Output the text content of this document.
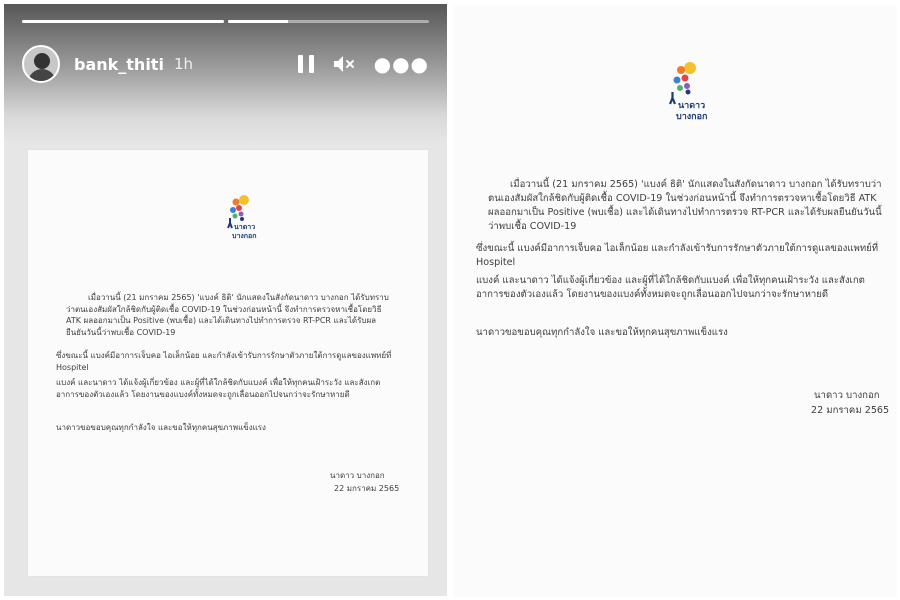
bank_thiti 1h	●●●
นาดาว
บางกอก
เมื่อวานนี้ (21 มกราคม 2565) 'แบงค์ ธิติ' นักแสดงในสังกัดนาดาว บางกอก ได้รับทราบว่าตนเองสัมผัสใกล้ชิดกับผู้ติดเชื้อ COVID-19 ในช่วงก่อนหน้านี้ จึงทำการตรวจหาเชื้อโดยวิธี ATK ผลออกมาเป็น Positive (พบเชื้อ) และได้เดินทางไปทำการตรวจ RT-PCR และได้รับผลยืนยันวันนี้ว่าพบเชื้อ COVID-19
ซึ่งขณะนี้ แบงค์มีอาการเจ็บคอ ไอเล็กน้อย และกำลังเข้ารับการรักษาตัวภายใต้การดูแลของแพทย์ที่ Hospitel
แบงค์ และนาดาว ได้แจ้งผู้เกี่ยวข้อง และผู้ที่ได้ใกล้ชิดกับแบงค์ เพื่อให้ทุกคนเฝ้าระวัง และสังเกตอาการของตัวเองแล้ว โดยงานของแบงค์ทั้งหมดจะถูกเลื่อนออกไปจนกว่าจะรักษาหายดี
นาดาวขอขอบคุณทุกกำลังใจ และขอให้ทุกคนสุขภาพแข็งแรง
นาดาว บางกอก
22 มกราคม 2565
นาดาว
บางกอก
เมื่อวานนี้ (21 มกราคม 2565) 'แบงค์ ธิติ' นักแสดงในสังกัดนาดาว บางกอก ได้รับทราบว่าตนเองสัมผัสใกล้ชิดกับผู้ติดเชื้อ COVID-19 ในช่วงก่อนหน้านี้ จึงทำการตรวจหาเชื้อโดยวิธี ATK ผลออกมาเป็น Positive (พบเชื้อ) และได้เดินทางไปทำการตรวจ RT-PCR และได้รับผลยืนยันวันนี้ว่าพบเชื้อ COVID-19
ซึ่งขณะนี้ แบงค์มีอาการเจ็บคอ ไอเล็กน้อย และกำลังเข้ารับการรักษาตัวภายใต้การดูแลของแพทย์ที่ Hospitel
แบงค์ และนาดาว ได้แจ้งผู้เกี่ยวข้อง และผู้ที่ได้ใกล้ชิดกับแบงค์ เพื่อให้ทุกคนเฝ้าระวัง และสังเกตอาการของตัวเองแล้ว โดยงานของแบงค์ทั้งหมดจะถูกเลื่อนออกไปจนกว่าจะรักษาหายดี
นาดาวขอขอบคุณทุกกำลังใจ และขอให้ทุกคนสุขภาพแข็งแรง
นาดาว บางกอก
22 มกราคม 2565
